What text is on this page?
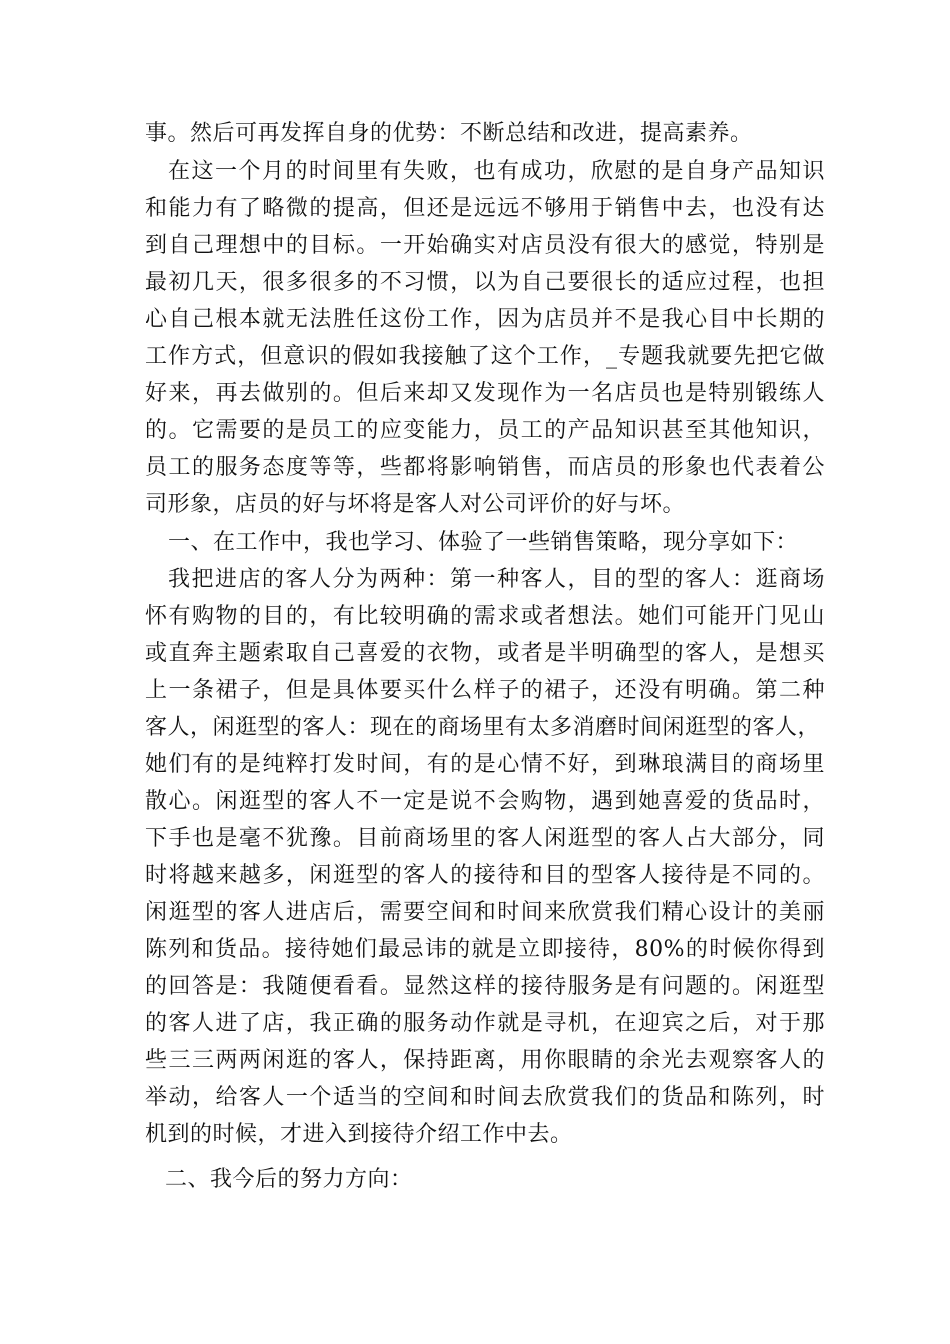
事。然后可再发挥自身的优势：不断总结和改进，提高素养。
在这一个月的时间里有失败，也有成功，欣慰的是自身产品知识
和能力有了略微的提高，但还是远远不够用于销售中去，也没有达
到自己理想中的目标。一开始确实对店员没有很大的感觉，特别是
最初几天，很多很多的不习惯，以为自己要很长的适应过程，也担
心自己根本就无法胜任这份工作，因为店员并不是我心目中长期的
工作方式，但意识的假如我接触了这个工作，_专题我就要先把它做
好来，再去做别的。但后来却又发现作为一名店员也是特别锻练人
的。它需要的是员工的应变能力，员工的产品知识甚至其他知识，
员工的服务态度等等，些都将影响销售，而店员的形象也代表着公
司形象，店员的好与坏将是客人对公司评价的好与坏。
一、在工作中，我也学习、体验了一些销售策略，现分享如下：
我把进店的客人分为两种：第一种客人，目的型的客人：逛商场
怀有购物的目的，有比较明确的需求或者想法。她们可能开门见山
或直奔主题索取自己喜爱的衣物，或者是半明确型的客人，是想买
上一条裙子，但是具体要买什么样子的裙子，还没有明确。第二种
客人，闲逛型的客人：现在的商场里有太多消磨时间闲逛型的客人，
她们有的是纯粹打发时间，有的是心情不好，到琳琅满目的商场里
散心。闲逛型的客人不一定是说不会购物，遇到她喜爱的货品时，
下手也是毫不犹豫。目前商场里的客人闲逛型的客人占大部分，同
时将越来越多，闲逛型的客人的接待和目的型客人接待是不同的。
闲逛型的客人进店后，需要空间和时间来欣赏我们精心设计的美丽
陈列和货品。接待她们最忌讳的就是立即接待，80%的时候你得到
的回答是：我随便看看。显然这样的接待服务是有问题的。闲逛型
的客人进了店，我正确的服务动作就是寻机，在迎宾之后，对于那
些三三两两闲逛的客人，保持距离，用你眼睛的余光去观察客人的
举动，给客人一个适当的空间和时间去欣赏我们的货品和陈列，时
机到的时候，才进入到接待介绍工作中去。
二、我今后的努力方向：
